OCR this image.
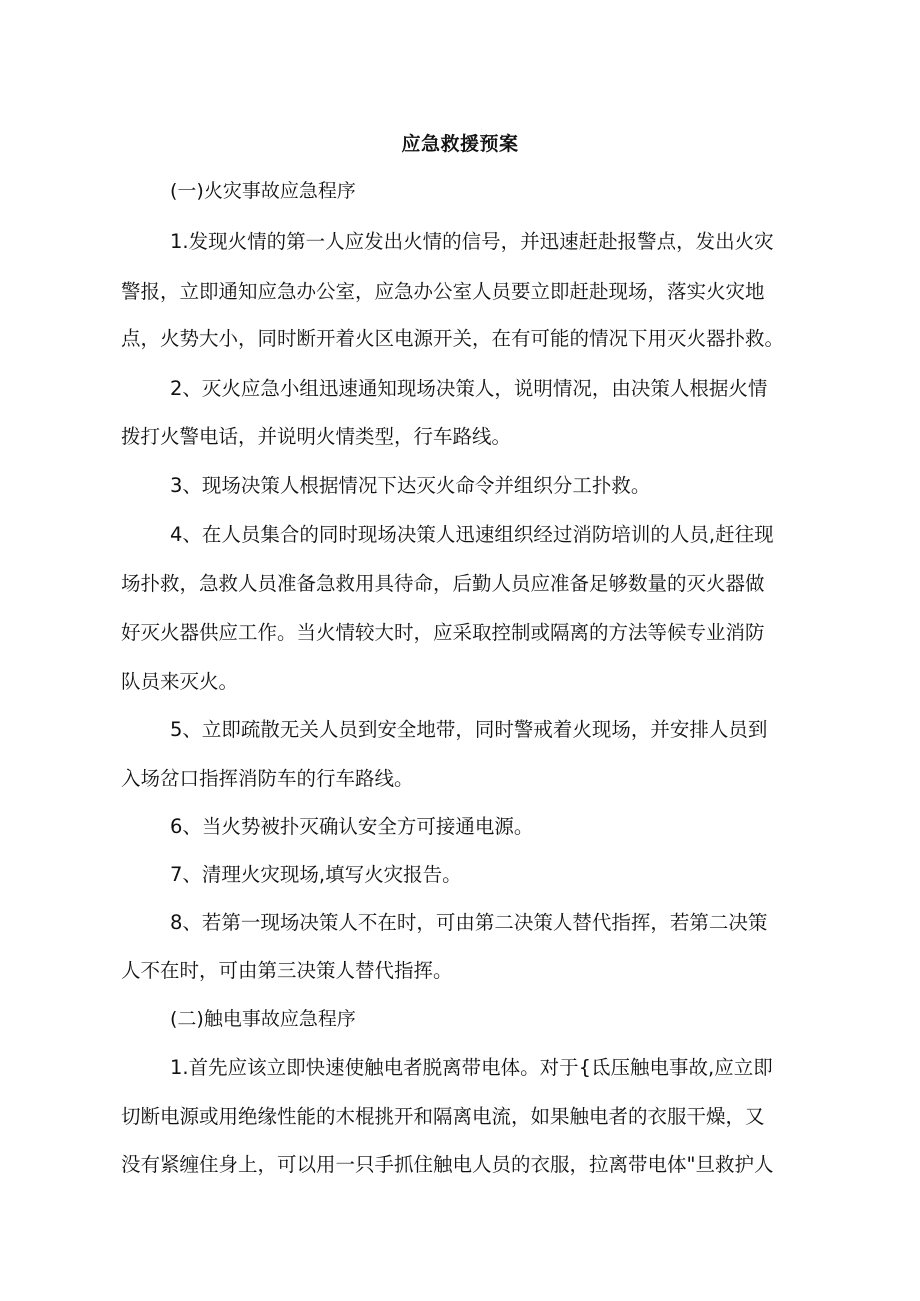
应急救援预案
(一)火灾事故应急程序
1.发现火情的第一人应发出火情的信号，并迅速赶赴报警点，发出火灾
警报，立即通知应急办公室，应急办公室人员要立即赶赴现场，落实火灾地
点，火势大小，同时断开着火区电源开关，在有可能的情况下用灭火器扑救。
2、灭火应急小组迅速通知现场决策人，说明情况，由决策人根据火情
拨打火警电话，并说明火情类型，行车路线。
3、现场决策人根据情况下达灭火命令并组织分工扑救。
4、在人员集合的同时现场决策人迅速组织经过消防培训的人员,赶往现
场扑救，急救人员准备急救用具待命，后勤人员应准备足够数量的灭火器做
好灭火器供应工作。当火情较大时，应采取控制或隔离的方法等候专业消防
队员来灭火。
5、立即疏散无关人员到安全地带，同时警戒着火现场，并安排人员到
入场岔口指挥消防车的行车路线。
6、当火势被扑灭确认安全方可接通电源。
7、清理火灾现场,填写火灾报告。
8、若第一现场决策人不在时，可由第二决策人替代指挥，若第二决策
人不在时，可由第三决策人替代指挥。
(二)触电事故应急程序
1.首先应该立即快速使触电者脱离带电体。对于{氐压触电事故,应立即
切断电源或用绝缘性能的木棍挑开和隔离电流，如果触电者的衣服干燥，又
没有紧缠住身上，可以用一只手抓住触电人员的衣服，拉离带电体"旦救护人
